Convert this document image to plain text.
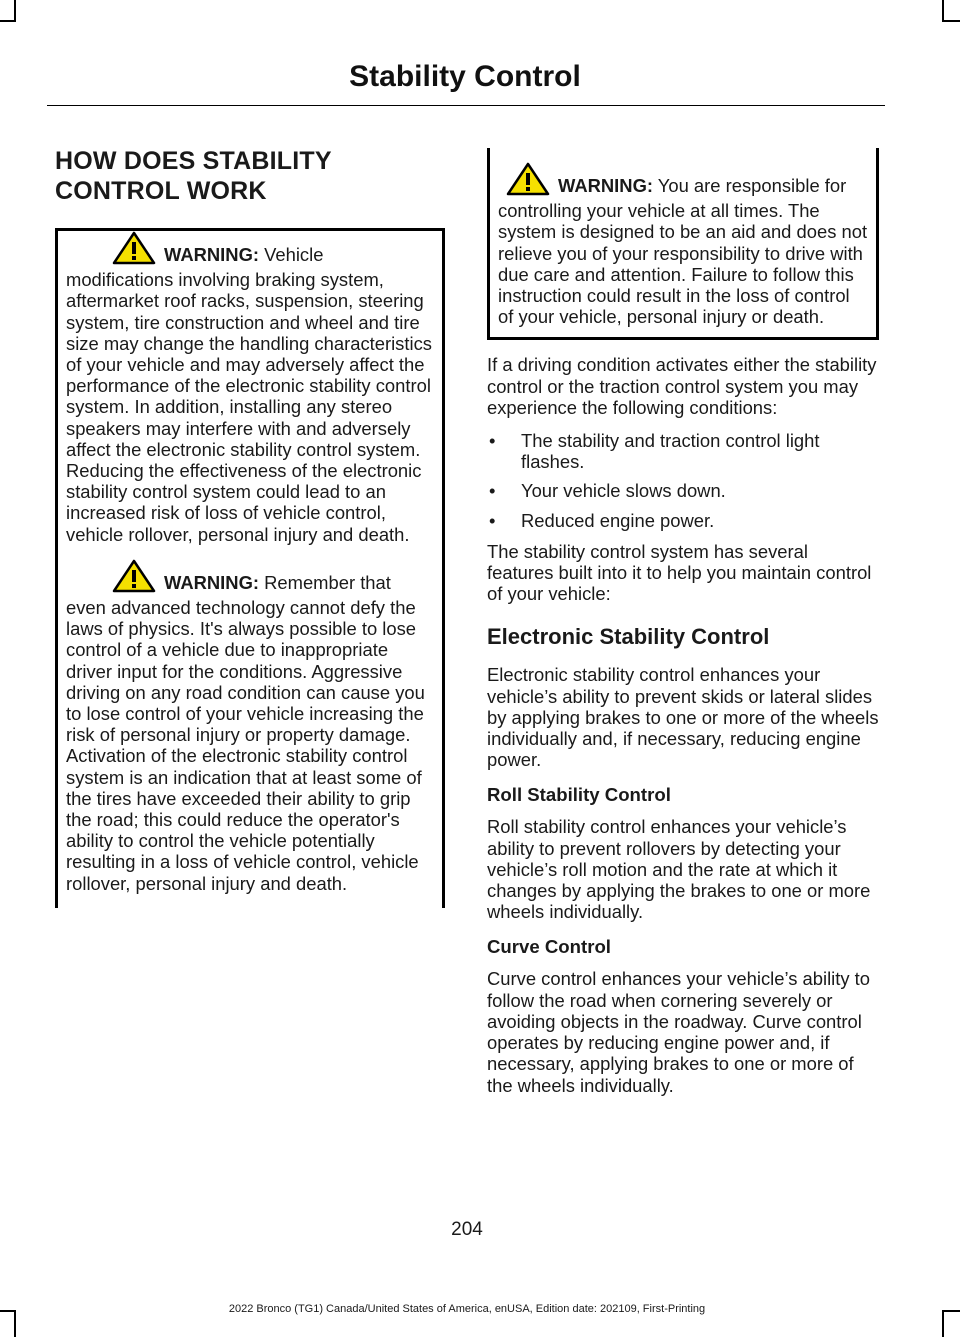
Stability Control
HOW DOES STABILITY
CONTROL WORK

WARNING: Vehicle modifications involving braking system, aftermarket roof racks, suspension, steering system, tire construction and wheel and tire size may change the handling characteristics of your vehicle and may adversely affect the performance of the electronic stability control system. In addition, installing any stereo speakers may interfere with and adversely affect the electronic stability control system. Reducing the effectiveness of the electronic stability control system could lead to an increased risk of loss of vehicle control, vehicle rollover, personal injury and death.

WARNING: Remember that even advanced technology cannot defy the laws of physics. It's always possible to lose control of a vehicle due to inappropriate driver input for the conditions. Aggressive driving on any road condition can cause you to lose control of your vehicle increasing the risk of personal injury or property damage. Activation of the electronic stability control system is an indication that at least some of the tires have exceeded their ability to grip the road; this could reduce the operator's ability to control the vehicle potentially resulting in a loss of vehicle control, vehicle rollover, personal injury and death.

WARNING: You are responsible for controlling your vehicle at all times. The system is designed to be an aid and does not relieve you of your responsibility to drive with due care and attention. Failure to follow this instruction could result in the loss of control of your vehicle, personal injury or death.

If a driving condition activates either the stability control or the traction control system you may experience the following conditions:

• The stability and traction control light flashes.
• Your vehicle slows down.
• Reduced engine power.

The stability control system has several features built into it to help you maintain control of your vehicle:

Electronic Stability Control

Electronic stability control enhances your vehicle’s ability to prevent skids or lateral slides by applying brakes to one or more of the wheels individually and, if necessary, reducing engine power.

Roll Stability Control

Roll stability control enhances your vehicle’s ability to prevent rollovers by detecting your vehicle’s roll motion and the rate at which it changes by applying the brakes to one or more wheels individually.

Curve Control

Curve control enhances your vehicle’s ability to follow the road when cornering severely or avoiding objects in the roadway. Curve control operates by reducing engine power and, if necessary, applying brakes to one or more of the wheels individually.

204
2022 Bronco (TG1) Canada/United States of America, enUSA, Edition date: 202109, First-Printing
